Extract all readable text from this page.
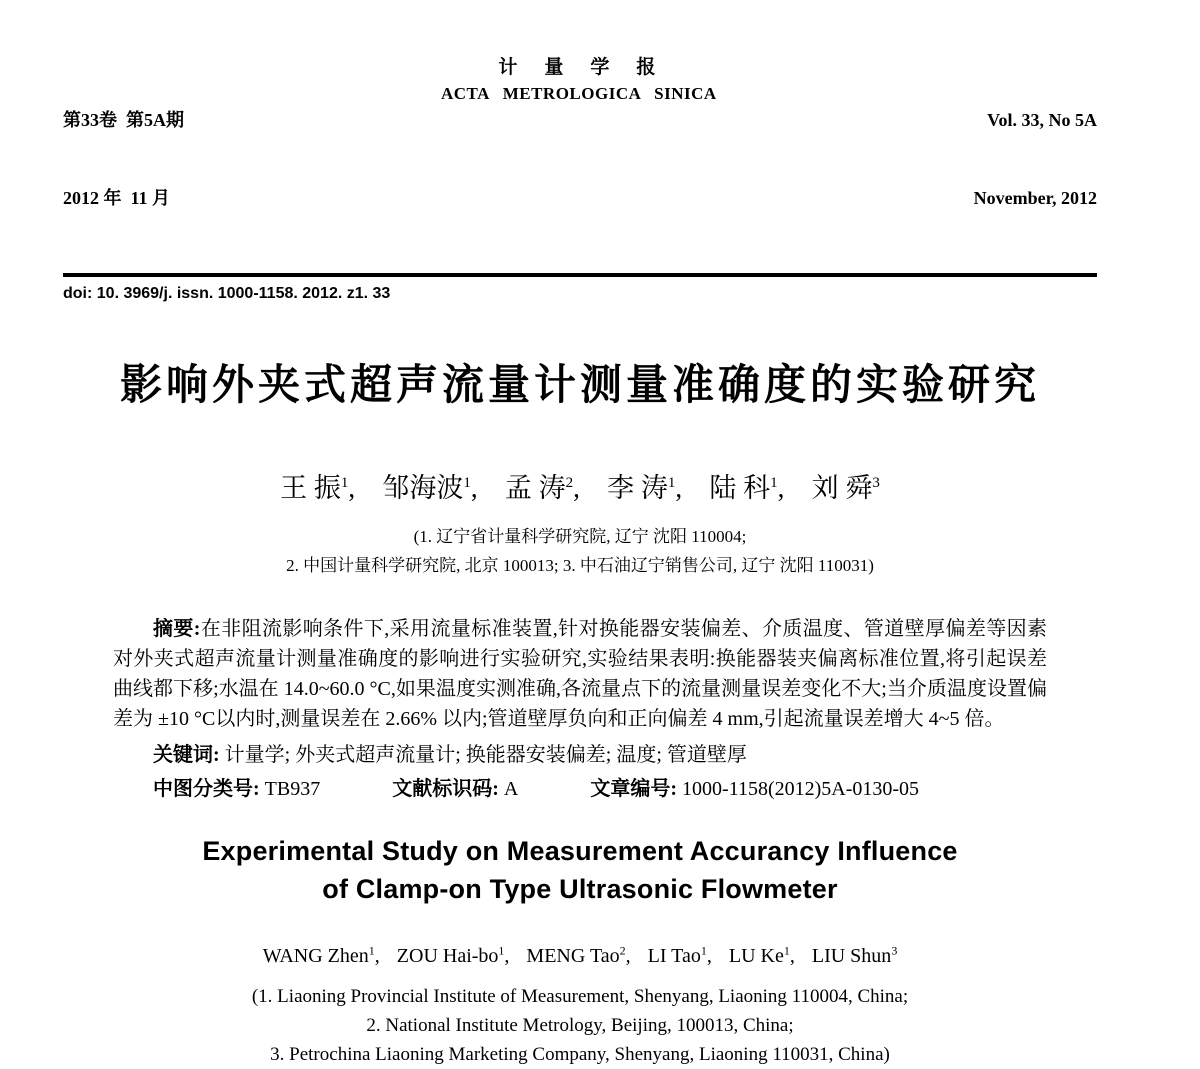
第33卷  第5A期

2012 年  11 月

计　量　学　报
ACTA METROLOGICA SINICA

Vol. 33, No 5A

November, 2012

doi: 10. 3969/j. issn. 1000-1158. 2012. z1. 33
影响外夹式超声流量计测量准确度的实验研究
王 振$^1$, 邹海波$^1$, 孟 涛$^2$, 李 涛$^1$, 陆 科$^1$, 刘 舜$^3$
(1. 辽宁省计量科学研究院, 辽宁 沈阳 110004;
2. 中国计量科学研究院, 北京 100013; 3. 中石油辽宁销售公司, 辽宁 沈阳 110031)

摘要:在非阻流影响条件下,采用流量标准装置,针对换能器安装偏差、介质温度、管道壁厚偏差等因素对外夹式超声流量计测量准确度的影响进行实验研究,实验结果表明:换能器装夹偏离标准位置,将引起误差曲线都下移;水温在 14.0~60.0 °C,如果温度实测准确,各流量点下的流量测量误差变化不大;当介质温度设置偏差为 ±10 °C以内时,测量误差在 2.66% 以内;管道壁厚负向和正向偏差 4 mm,引起流量误差增大 4~5 倍。

关键词: 计量学; 外夹式超声流量计; 换能器安装偏差; 温度; 管道壁厚

中图分类号: TB937	文献标识码: A	文章编号: 1000-1158(2012)5A-0130-05

Experimental Study on Measurement Accurancy Influence
of Clamp-on Type Ultrasonic Flowmeter
WANG Zhen$^1$, ZOU Hai-$bo^1$, MENG Tao$^2$, LI Tao$^1$, LU Ke$^1$, LIU Shun$^3$
(1. Liaoning Provincial Institute of Measurement, Shenyang, Liaoning 110004, China;
2. National Institute Metrology, Beijing, 100013, China;
3. Petrochina Liaoning Marketing Company, Shenyang, Liaoning 110031, China)
